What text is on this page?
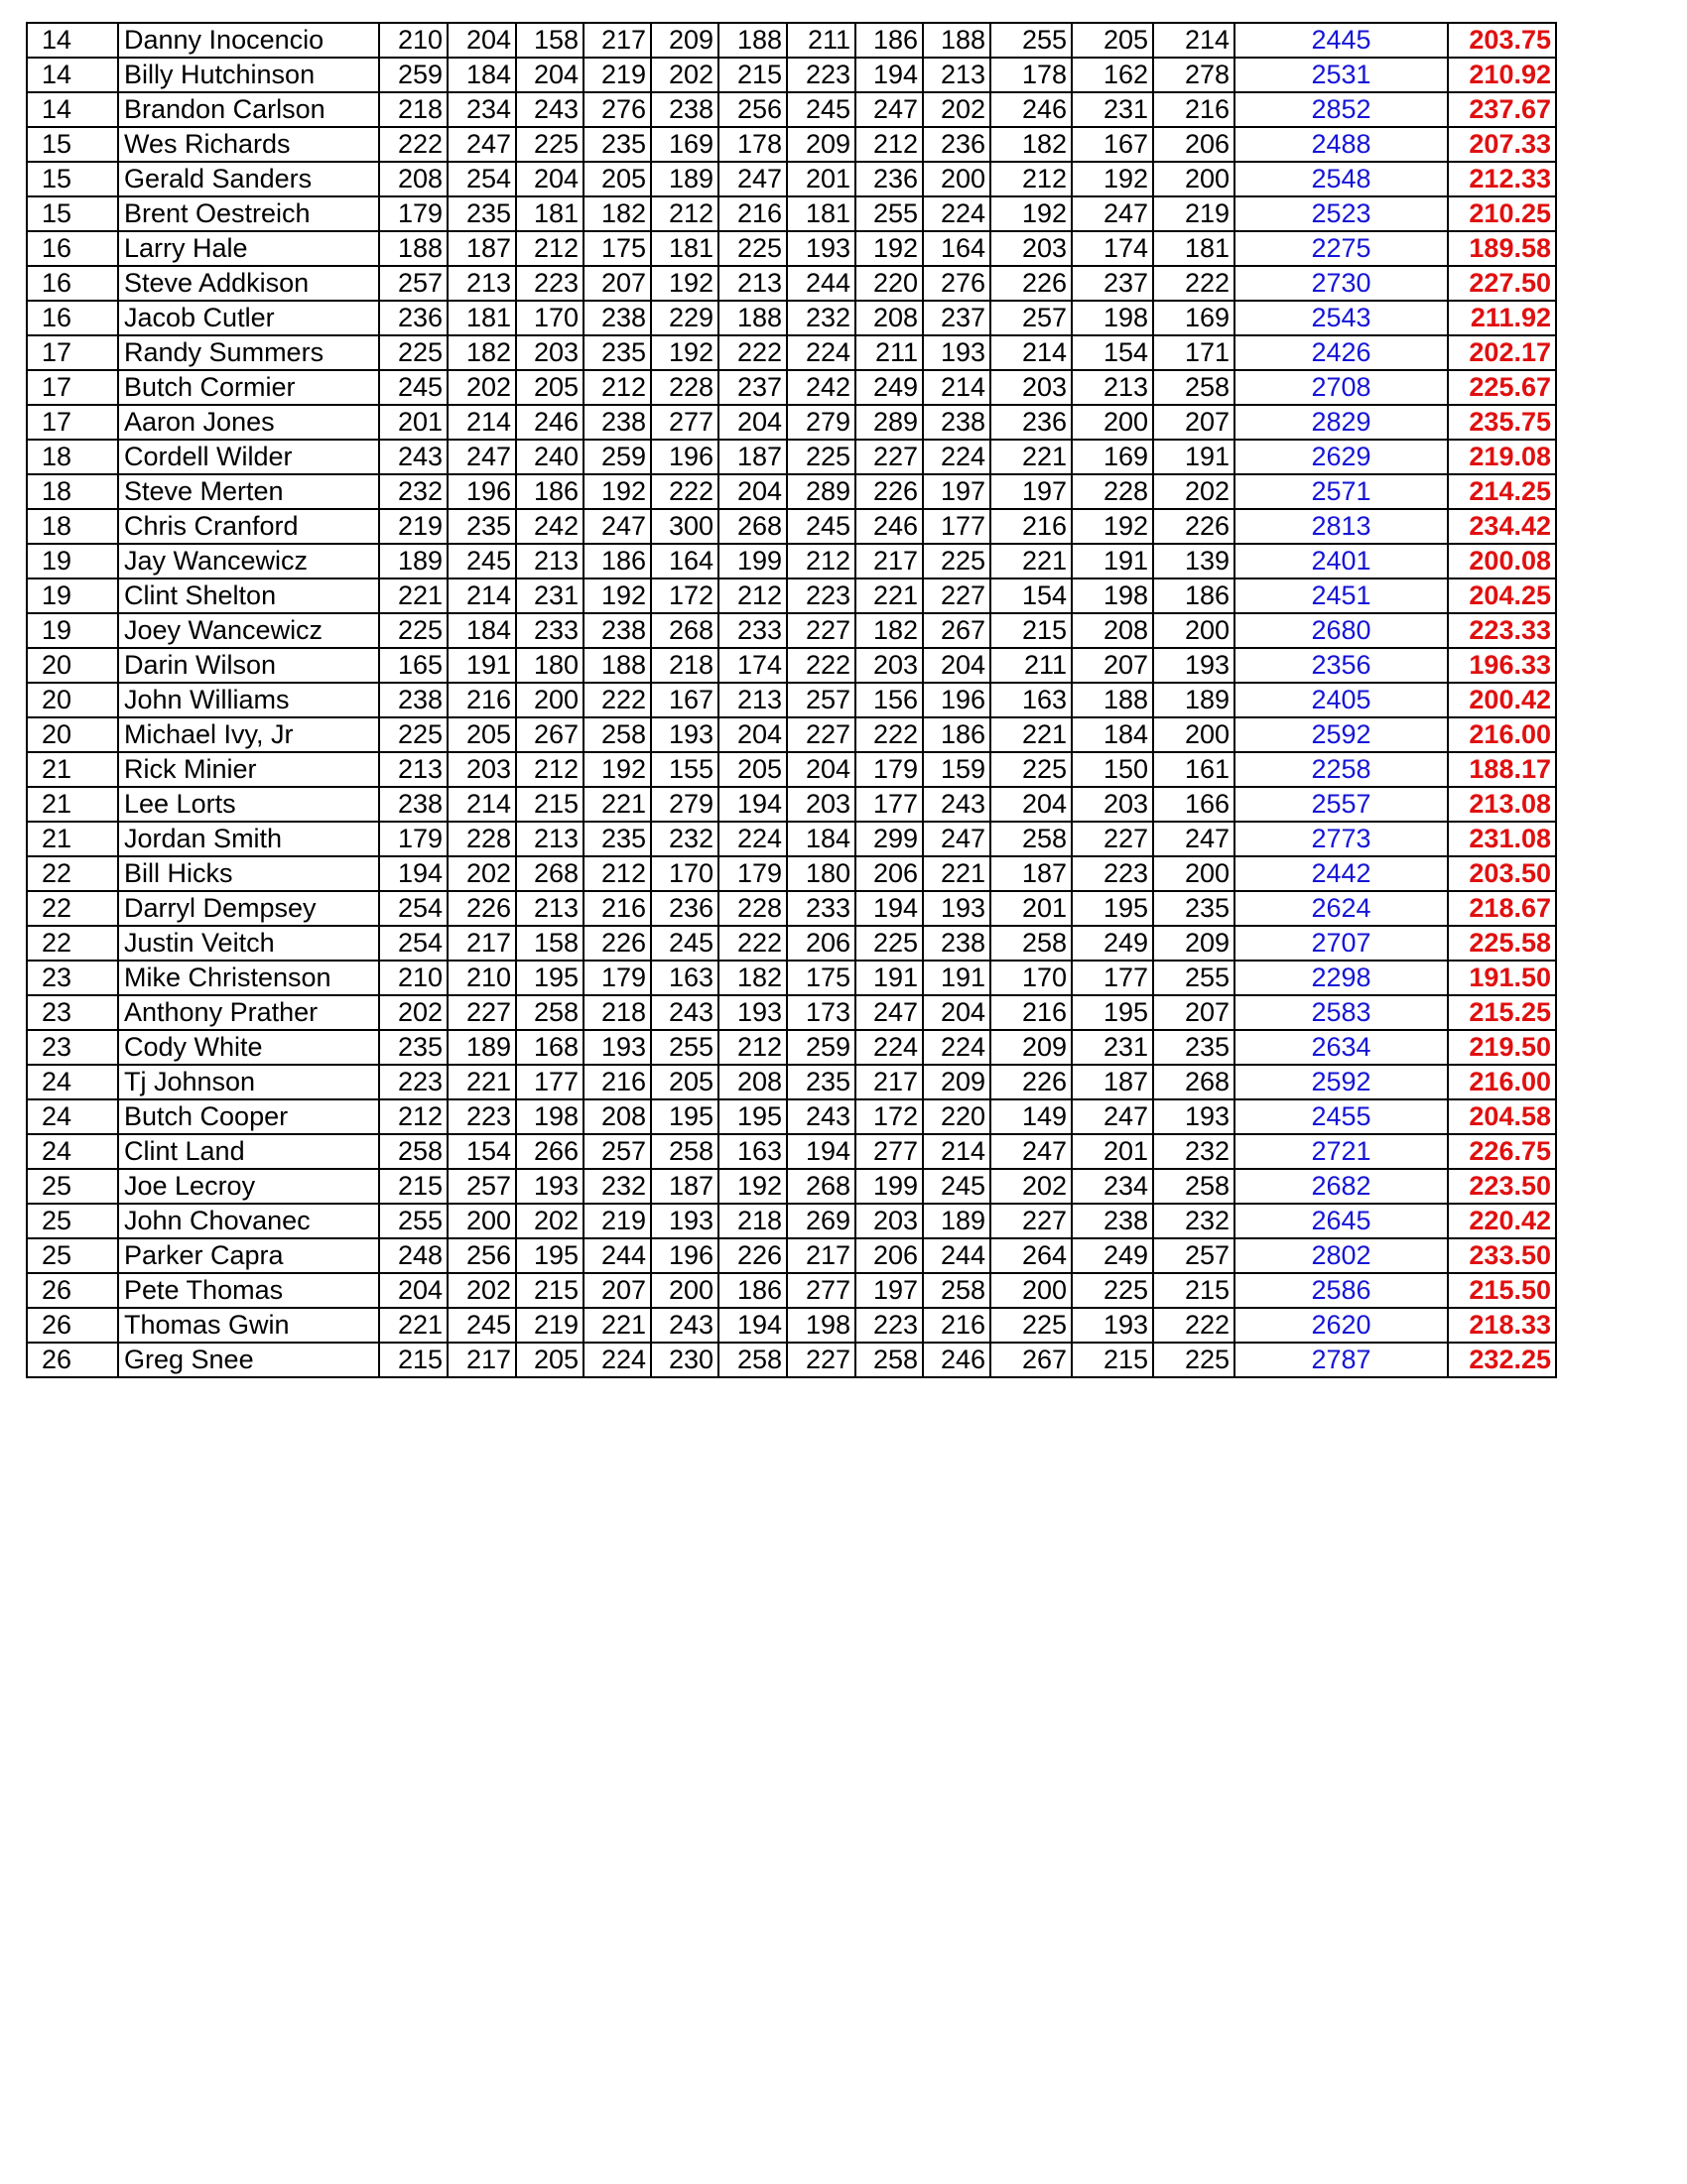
14	Danny Inocencio	210	204	158	217	209	188	211	186	188	255	205	214	2445	203.75
14	Billy Hutchinson	259	184	204	219	202	215	223	194	213	178	162	278	2531	210.92
14	Brandon Carlson	218	234	243	276	238	256	245	247	202	246	231	216	2852	237.67
15	Wes Richards	222	247	225	235	169	178	209	212	236	182	167	206	2488	207.33
15	Gerald Sanders	208	254	204	205	189	247	201	236	200	212	192	200	2548	212.33
15	Brent Oestreich	179	235	181	182	212	216	181	255	224	192	247	219	2523	210.25
16	Larry Hale	188	187	212	175	181	225	193	192	164	203	174	181	2275	189.58
16	Steve Addkison	257	213	223	207	192	213	244	220	276	226	237	222	2730	227.50
16	Jacob Cutler	236	181	170	238	229	188	232	208	237	257	198	169	2543	211.92
17	Randy Summers	225	182	203	235	192	222	224	211	193	214	154	171	2426	202.17
17	Butch Cormier	245	202	205	212	228	237	242	249	214	203	213	258	2708	225.67
17	Aaron Jones	201	214	246	238	277	204	279	289	238	236	200	207	2829	235.75
18	Cordell Wilder	243	247	240	259	196	187	225	227	224	221	169	191	2629	219.08
18	Steve Merten	232	196	186	192	222	204	289	226	197	197	228	202	2571	214.25
18	Chris Cranford	219	235	242	247	300	268	245	246	177	216	192	226	2813	234.42
19	Jay Wancewicz	189	245	213	186	164	199	212	217	225	221	191	139	2401	200.08
19	Clint Shelton	221	214	231	192	172	212	223	221	227	154	198	186	2451	204.25
19	Joey Wancewicz	225	184	233	238	268	233	227	182	267	215	208	200	2680	223.33
20	Darin Wilson	165	191	180	188	218	174	222	203	204	211	207	193	2356	196.33
20	John Williams	238	216	200	222	167	213	257	156	196	163	188	189	2405	200.42
20	Michael Ivy, Jr	225	205	267	258	193	204	227	222	186	221	184	200	2592	216.00
21	Rick Minier	213	203	212	192	155	205	204	179	159	225	150	161	2258	188.17
21	Lee Lorts	238	214	215	221	279	194	203	177	243	204	203	166	2557	213.08
21	Jordan Smith	179	228	213	235	232	224	184	299	247	258	227	247	2773	231.08
22	Bill Hicks	194	202	268	212	170	179	180	206	221	187	223	200	2442	203.50
22	Darryl Dempsey	254	226	213	216	236	228	233	194	193	201	195	235	2624	218.67
22	Justin Veitch	254	217	158	226	245	222	206	225	238	258	249	209	2707	225.58
23	Mike Christenson	210	210	195	179	163	182	175	191	191	170	177	255	2298	191.50
23	Anthony Prather	202	227	258	218	243	193	173	247	204	216	195	207	2583	215.25
23	Cody White	235	189	168	193	255	212	259	224	224	209	231	235	2634	219.50
24	Tj Johnson	223	221	177	216	205	208	235	217	209	226	187	268	2592	216.00
24	Butch Cooper	212	223	198	208	195	195	243	172	220	149	247	193	2455	204.58
24	Clint Land	258	154	266	257	258	163	194	277	214	247	201	232	2721	226.75
25	Joe Lecroy	215	257	193	232	187	192	268	199	245	202	234	258	2682	223.50
25	John Chovanec	255	200	202	219	193	218	269	203	189	227	238	232	2645	220.42
25	Parker Capra	248	256	195	244	196	226	217	206	244	264	249	257	2802	233.50
26	Pete Thomas	204	202	215	207	200	186	277	197	258	200	225	215	2586	215.50
26	Thomas Gwin	221	245	219	221	243	194	198	223	216	225	193	222	2620	218.33
26	Greg Snee	215	217	205	224	230	258	227	258	246	267	215	225	2787	232.25
